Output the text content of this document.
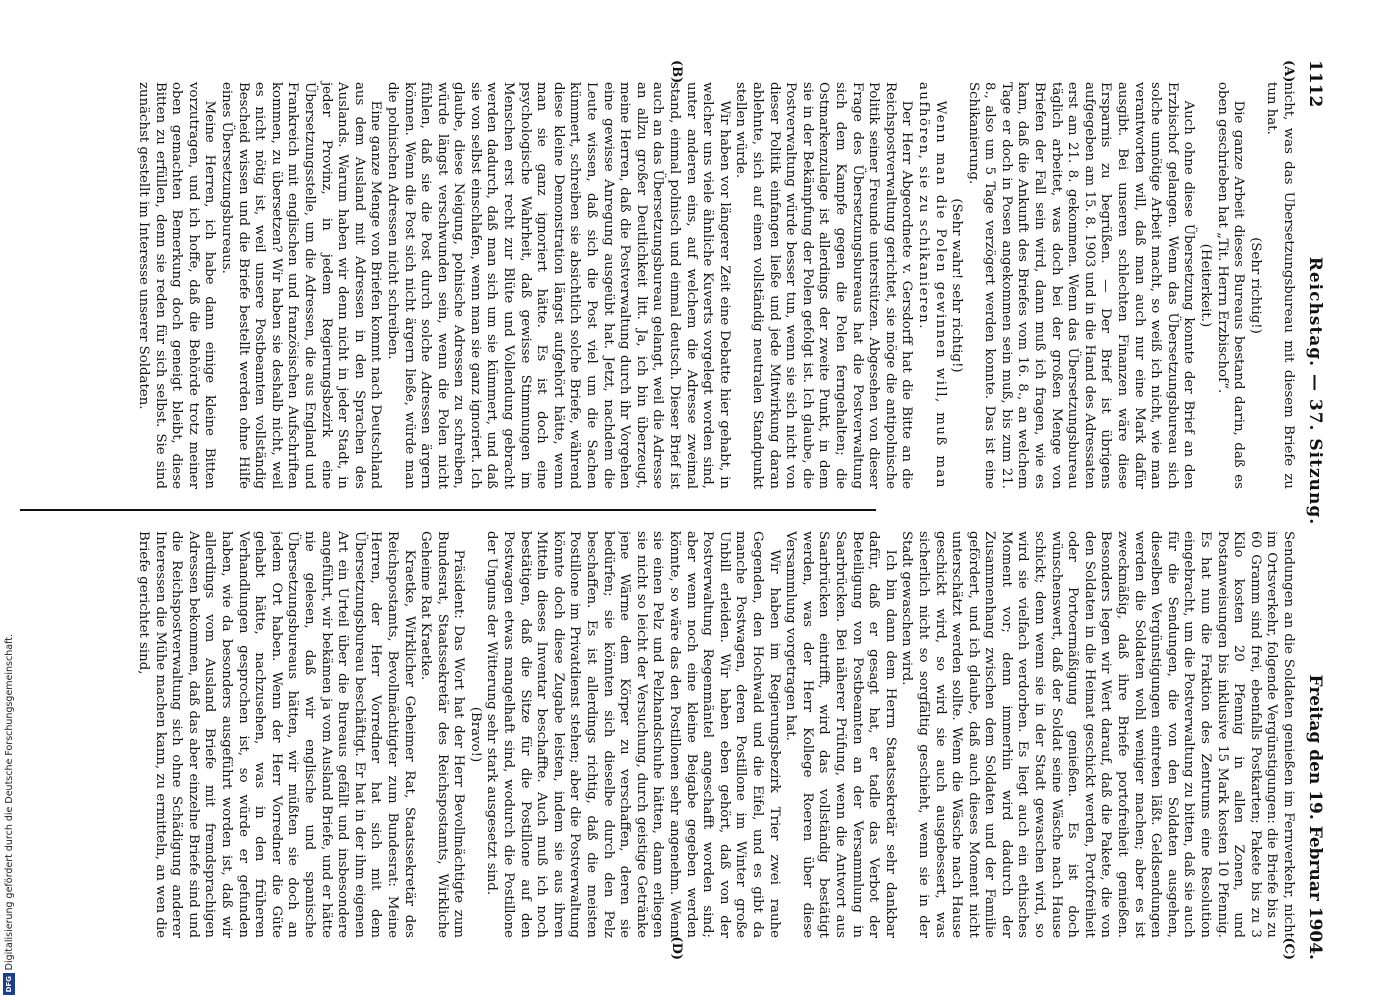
1112
Reichstag. — 37. Sitzung.
Freitag den 19. Februar 1904.
(A)
(B)

nicht, was das Übersetzungsbureau mit diesem Briefe zu tun hat.

(Sehr richtig!)

Die ganze Arbeit dieses Bureaus bestand darin, daß es oben geschrieben hat „Tit. Herrn Erzbischof“.

(Heiterkeit.)

Auch ohne diese Übersetzung konnte der Brief an den Erzbischof gelangen. Wenn das Übersetzungsbureau sich solche unnötige Arbeit macht, so weiß ich nicht, wie man verantworten will, daß man auch nur eine Mark dafür ausgibt. Bei unseren schlechten Finanzen wäre diese Ersparnis zu begrüßen. — Der Brief ist übrigens aufgegeben am 15. 8. 1903 und in die Hand des Adressaten erst am 21. 8. gekommen. Wenn das Übersetzungsbureau täglich arbeitet, was doch bei der großen Menge von Briefen der Fall sein wird, dann muß ich fragen, wie es kam, daß die Ankunft des Briefes vom 16. 8., an welchem Tage er doch in Posen angekommen sein muß, bis zum 21. 8., also um 5 Tage verzögert werden konnte. Das ist eine Schikanierung.

(Sehr wahr! sehr richtig!)

Wenn man die Polen gewinnen will, muß man aufhören, sie zu schikanieren.

Der Herr Abgeordnete v. Gersdorff hat die Bitte an die Reichspostverwaltung gerichtet, sie möge die antipolnische Politik seiner Freunde unterstützen. Abgesehen von dieser Frage des Übersetzungsbureaus hat die Postverwaltung sich dem Kampfe gegen die Polen ferngehalten; die Ostmarkenzulage ist allerdings der zweite Punkt, in dem sie in der Bekämpfung der Polen gefolgt ist. Ich glaube, die Postverwaltung würde besser tun, wenn sie sich nicht von dieser Politik einfangen ließe und jede Mitwirkung daran ablehnte, sich auf einen vollständig neutralen Standpunkt stellen würde.

Wir haben vor längerer Zeit eine Debatte hier gehabt, in welcher uns viele ähnliche Kuverts vorgelegt worden sind, unter anderen eins, auf welchem die Adresse zweimal stand, einmal polnisch und einmal deutsch. Dieser Brief ist auch an das Übersetzungsbureau gelangt, weil die Adresse an allzu großer Deutlichkeit litt. Ja, ich bin überzeugt, meine Herren, daß die Postverwaltung durch ihr Vorgehen eine gewisse Anregung ausgeübt hat. Jetzt, nachdem die Leute wissen, daß sich die Post viel um die Sachen kümmert, schreiben sie absichtlich solche Briefe, während diese kleine Demonstration längst aufgehört hätte, wenn man sie ganz ignoriert hätte. Es ist doch eine psychologische Wahrheit, daß gewisse Stimmungen im Menschen erst recht zur Blüte und Vollendung gebracht werden dadurch, daß man sich um sie kümmert, und daß sie von selbst einschlafen, wenn man sie ganz ignoriert. Ich glaube, diese Neigung, polnische Adressen zu schreiben, würde längst verschwunden sein, wenn die Polen nicht fühlen, daß sie die Post durch solche Adressen ärgern können. Wenn die Post sich nicht ärgern ließe, würde man die polnischen Adressen nicht schreiben.

Eine ganze Menge von Briefen kommt nach Deutschland aus dem Ausland mit Adressen in den Sprachen des Auslands. Warum haben wir denn nicht in jeder Stadt, in jeder Provinz, in jedem Regierungsbezirk eine Übersetzungsstelle, um die Adressen, die aus England und Frankreich mit englischen und französischen Aufschriften kommen, zu übersetzen? Wir haben sie deshalb nicht, weil es nicht nötig ist, weil unsere Postbeamten vollständig Bescheid wissen und die Briefe bestellt werden ohne Hilfe eines Übersetzungsbureaus.

Meine Herren, ich habe dann einige kleine Bitten vorzutragen, und ich hoffe, daß die Behörde trotz meiner oben gemachten Bemerkung doch geneigt bleibt, diese Bitten zu erfüllen, denn sie reden für sich selbst. Sie sind zunächst gestellt im Interesse unserer Soldaten.

(C)
(D)

Sendungen an die Soldaten genießen im Fernverkehr, nicht im Ortsverkehr, folgende Vergünstigungen: die Briefe bis zu 60 Gramm sind frei, ebenfalls Postkarten; Pakete bis zu 3 Kilo kosten 20 Pfennig in allen Zonen, und Postanweisungen bis inklusive 15 Mark kosten 10 Pfennig. Es hat nun die Fraktion des Zentrums eine Resolution eingebracht, um die Postverwaltung zu bitten, daß sie auch für die Sendungen, die von den Soldaten ausgehen, dieselben Vergünstigungen eintreten läßt. Geldsendungen werden die Soldaten wohl weniger machen; aber es ist zweckmäßig, daß ihre Briefe portofreiheit genießen. Besonders legen wir Wert darauf, daß die Pakete, die von den Soldaten in die Heimat geschickt werden, Portofreiheit oder Portoermäßigung genießen. Es ist doch wünschenswert, daß der Soldat seine Wäsche nach Hause schickt; denn wenn sie in der Stadt gewaschen wird, so wird sie vielfach verdorben. Es liegt auch ein ethisches Moment vor; denn immerhin wird dadurch der Zusammenhang zwischen dem Soldaten und der Familie gefördert, und ich glaube, daß auch dieses Moment nicht unterschätzt werden sollte. Wenn die Wäsche nach Hause geschickt wird, so wird sie auch ausgebessert, was sicherlich nicht so sorgfältig geschieht, wenn sie in der Stadt gewaschen wird.

Ich bin dann dem Herrn Staatssekretär sehr dankbar dafür, daß er gesagt hat, er tadle das Verbot der Beteiligung von Postbeamten an der Versammlung in Saarbrücken. Bei näherer Prüfung, wenn die Antwort aus Saarbrücken eintrifft, wird das vollständig bestätigt werden, was der Herr Kollege Roeren über diese Versammlung vorgetragen hat.

Wir haben im Regierungsbezirk Trier zwei rauhe Gegenden, den Hochwald und die Eifel, und es gibt da manche Postwagen, deren Postillone im Winter große Unbill erleiden. Wir haben eben gehört, daß von der Postverwaltung Regenmäntel angeschafft worden sind; aber wenn noch eine kleine Beigabe gegeben werden könnte, so wäre das den Postillonen sehr angenehm. Wenn sie einen Pelz und Pelzhandschuhe hätten, dann erliegen sie nicht so leicht der Versuchung, durch geistige Getränke jene Wärme dem Körper zu verschaffen, deren sie bedürfen; sie könnten sich dieselbe durch den Pelz beschaffen. Es ist allerdings richtig, daß die meisten Postillone im Privatdienst stehen; aber die Postverwaltung könnte doch diese Zugabe leisten, indem sie aus ihren Mitteln dieses Inventar beschaffte. Auch muß ich noch bestätigen, daß die Sitze für die Postillone auf den Postwagen etwas mangelhaft sind, wodurch die Postillone der Unguns der Witterung sehr stark ausgesetzt sind.

(Bravo!)

Präsident: Das Wort hat der Herr Bevollmächtigte zum Bundesrat, Staatssekretär des Reichspostamts, Wirkliche Geheime Rat Kraetke.

Kraetke, Wirklicher Geheimer Rat, Staatssekretär des Reichspostamts, Bevollmächtigter zum Bundesrat: Meine Herren, der Herr Vorredner hat sich mit dem Übersetzungsbureau beschäftigt. Er hat in der ihm eigenen Art ein Urteil über die Bureaus gefällt und insbesondere angeführt, wir bekämen ja vom Ausland Briefe, und er hätte nie gelesen, daß wir englische und spanische Übersetzungsbureaus hätten, wir müßten sie doch an jedem Ort haben. Wenn der Herr Vorredner die Güte gehabt hätte, nachzusehen, was in den früheren Verhandlungen gesprochen ist, so würde er gefunden haben, wie da besonders ausgeführt worden ist, daß wir allerdings vom Ausland Briefe mit fremdsprachigen Adressen bekommen, daß das aber einzelne Briefe sind und die Reichspostverwaltung sich ohne Schädigung anderer Interessen die Mühe machen kann, zu ermitteln, an wen die Briefe gerichtet sind,

Digitalisierung gefördert durch die Deutsche Forschungsgemeinschaft.
DFG
